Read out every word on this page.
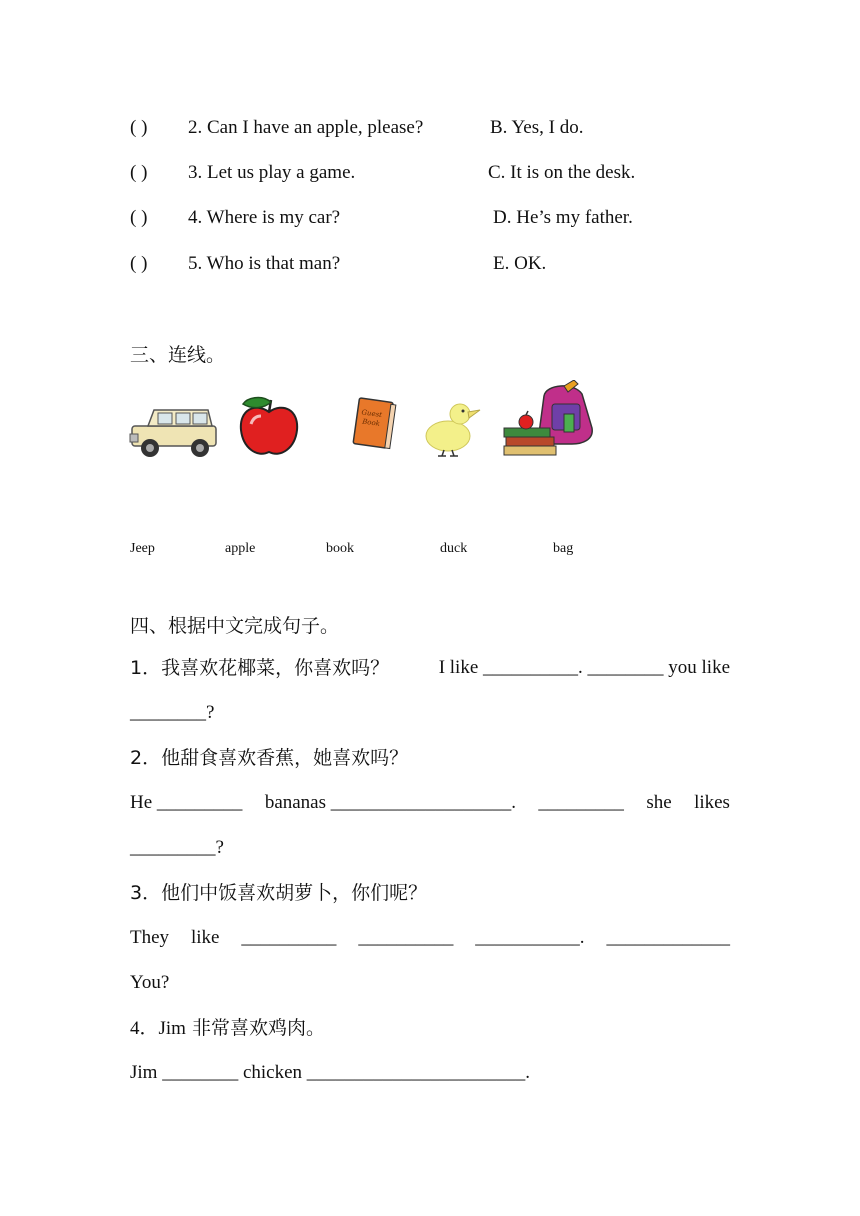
( ) 2. Can I have an apple, please?	B. Yes, I do.
( ) 3. Let us play a game.	C. It is on the desk.
( ) 4. Where is my car?	D. He’s my father.
( ) 5. Who is that man?	E. OK.
三、连线。
Guest
Book
Jeep	apple	book	duck	bag
四、根据中文完成句子。
1．我喜欢花椰菜，你喜欢吗？	I like __________. ________ you like
________?
2．他甜食喜欢香蕉，她喜欢吗？
He _________ bananas ___________________. _________ she likes
_________?
3．他们中饭喜欢胡萝卜，你们呢？
They like __________ __________ ___________. _____________
You?
4．Jim 非常喜欢鸡肉。
Jim ________ chicken _______________________.
